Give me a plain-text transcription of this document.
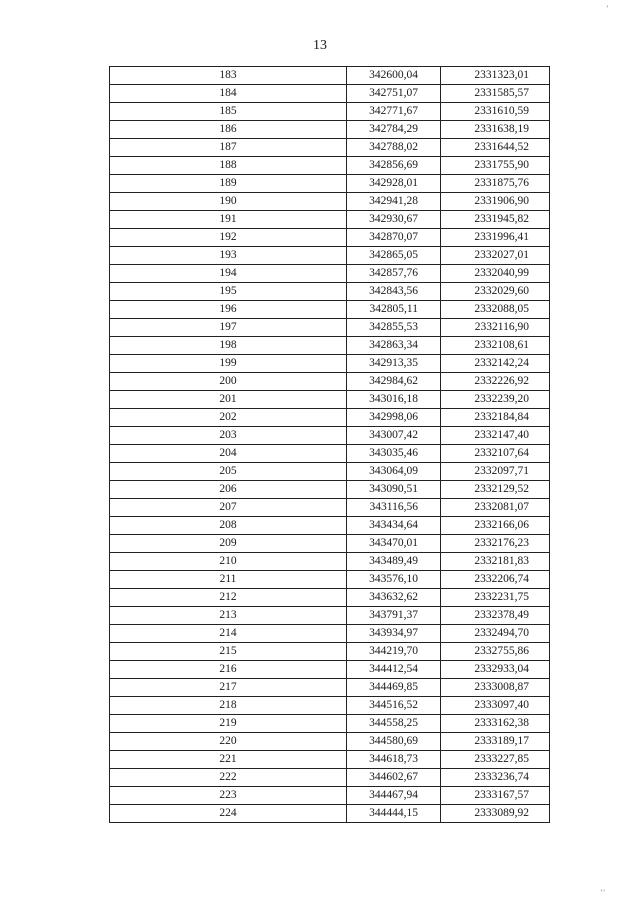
13
183	342600,04	2331323,01
184	342751,07	2331585,57
185	342771,67	2331610,59
186	342784,29	2331638,19
187	342788,02	2331644,52
188	342856,69	2331755,90
189	342928,01	2331875,76
190	342941,28	2331906,90
191	342930,67	2331945,82
192	342870,07	2331996,41
193	342865,05	2332027,01
194	342857,76	2332040,99
195	342843,56	2332029,60
196	342805,11	2332088,05
197	342855,53	2332116,90
198	342863,34	2332108,61
199	342913,35	2332142,24
200	342984,62	2332226,92
201	343016,18	2332239,20
202	342998,06	2332184,84
203	343007,42	2332147,40
204	343035,46	2332107,64
205	343064,09	2332097,71
206	343090,51	2332129,52
207	343116,56	2332081,07
208	343434,64	2332166,06
209	343470,01	2332176,23
210	343489,49	2332181,83
211	343576,10	2332206,74
212	343632,62	2332231,75
213	343791,37	2332378,49
214	343934,97	2332494,70
215	344219,70	2332755,86
216	344412,54	2332933,04
217	344469,85	2333008,87
218	344516,52	2333097,40
219	344558,25	2333162,38
220	344580,69	2333189,17
221	344618,73	2333227,85
222	344602,67	2333236,74
223	344467,94	2333167,57
224	344444,15	2333089,92
ʼ
ʼʼ
